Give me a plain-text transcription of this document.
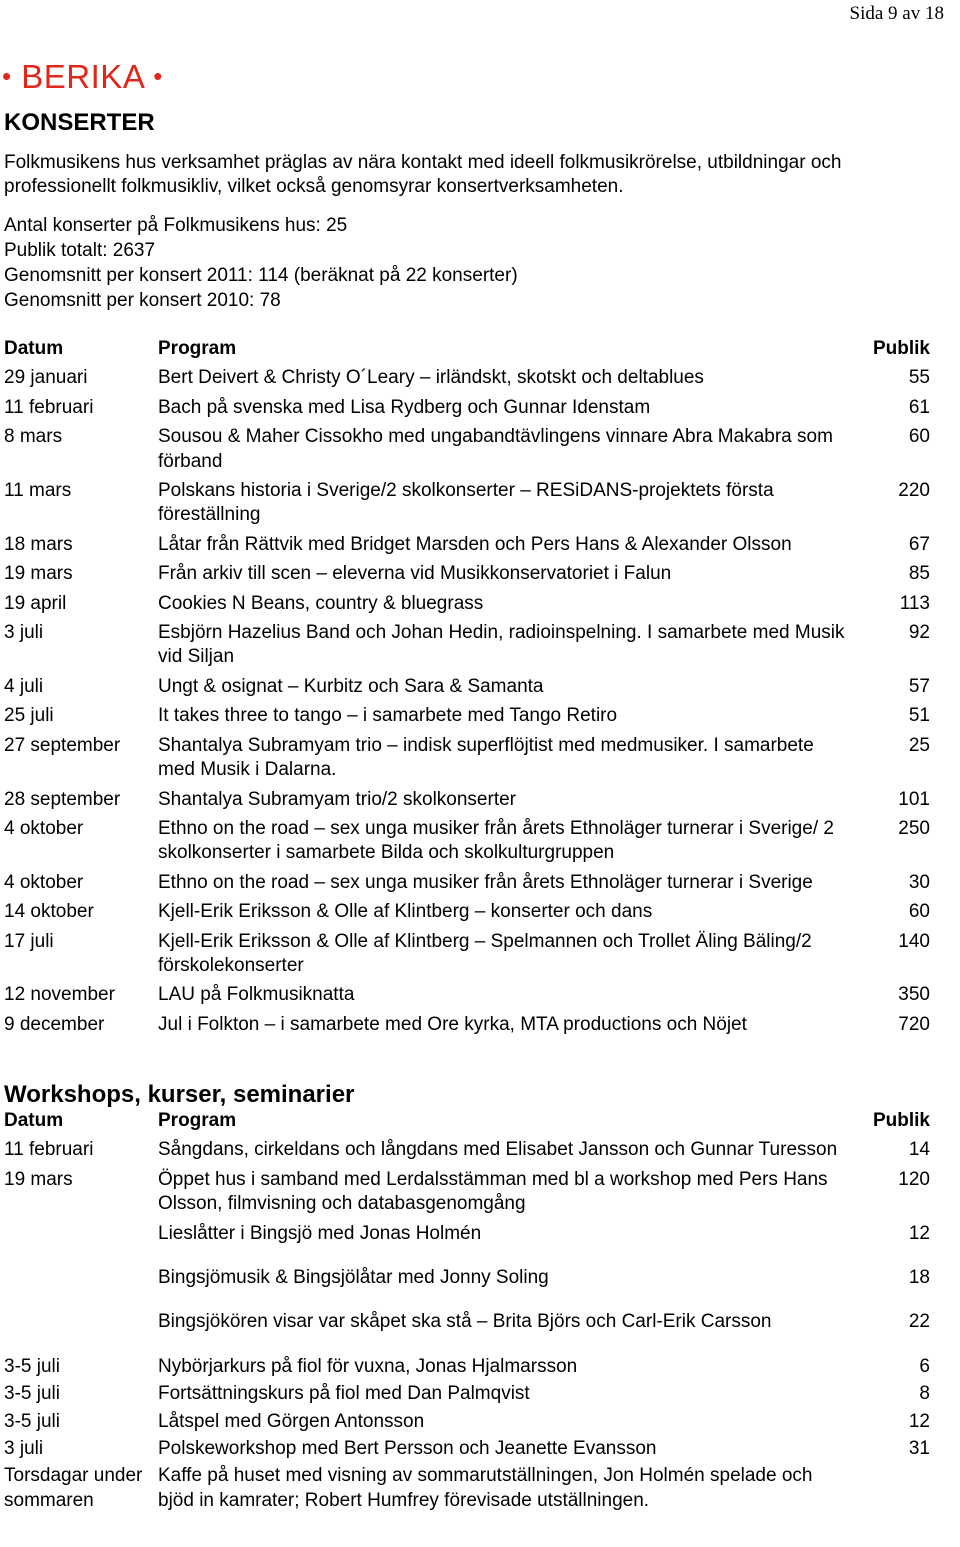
Sida 9 av 18
• BERIKA •
KONSERTER
Folkmusikens hus verksamhet präglas av nära kontakt med ideell folkmusikrörelse, utbildningar och professionellt folkmusikliv, vilket också genomsyrar konsertverksamheten.
Antal konserter på Folkmusikens hus: 25
Publik totalt: 2637
Genomsnitt per konsert 2011: 114 (beräknat på 22 konserter)
Genomsnitt per konsert 2010: 78
Datum	Program	Publik
29 januari	Bert Deivert & Christy O´Leary – irländskt, skotskt och deltablues	55
11 februari	Bach på svenska med Lisa Rydberg och Gunnar Idenstam	61
8 mars	Sousou & Maher Cissokho med ungabandtävlingens vinnare Abra Makabra som förband	60
11 mars	Polskans historia i Sverige/2 skolkonserter – RESiDANS-projektets första föreställning	220
18 mars	Låtar från Rättvik med Bridget Marsden och Pers Hans & Alexander Olsson	67
19 mars	Från arkiv till scen – eleverna vid Musikkonservatoriet i Falun	85
19 april	Cookies N Beans, country & bluegrass	113
3 juli	Esbjörn Hazelius Band och Johan Hedin, radioinspelning. I samarbete med Musik vid Siljan	92
4 juli	Ungt & osignat – Kurbitz och Sara & Samanta	57
25 juli	It takes three to tango – i samarbete med Tango Retiro	51
27 september	Shantalya Subramyam trio – indisk superflöjtist med medmusiker. I samarbete med Musik i Dalarna.	25
28 september	Shantalya Subramyam trio/2 skolkonserter	101
4 oktober	Ethno on the road – sex unga musiker från årets Ethnoläger turnerar i Sverige/ 2 skolkonserter i samarbete Bilda och skolkulturgruppen	250
4 oktober	Ethno on the road – sex unga musiker från årets Ethnoläger turnerar i Sverige	30
14 oktober	Kjell-Erik Eriksson & Olle af Klintberg – konserter och dans	60
17 juli	Kjell-Erik Eriksson & Olle af Klintberg – Spelmannen och Trollet Äling Bäling/2 förskolekonserter	140
12 november	LAU på Folkmusiknatta	350
9 december	Jul i Folkton – i samarbete med Ore kyrka, MTA productions och Nöjet	720
Workshops, kurser, seminarier
Datum	Program	Publik
11 februari	Sångdans, cirkeldans och långdans med Elisabet Jansson och Gunnar Turesson	14
19 mars	Öppet hus i samband med Lerdalsstämman med bl a workshop med Pers Hans Olsson, filmvisning och databasgenomgång	120
	Lieslåtter i Bingsjö med Jonas Holmén	12
	Bingsjömusik & Bingsjölåtar med Jonny Soling	18
	Bingsjökören visar var skåpet ska stå – Brita Björs och Carl-Erik Carsson	22
3-5 juli	Nybörjarkurs på fiol för vuxna, Jonas Hjalmarsson	6
3-5 juli	Fortsättningskurs på fiol med Dan Palmqvist	8
3-5 juli	Låtspel med Görgen Antonsson	12
3 juli	Polskeworkshop med Bert Persson och Jeanette Evansson	31
Torsdagar under sommaren	Kaffe på huset med visning av sommarutställningen, Jon Holmén spelade och bjöd in kamrater; Robert Humfrey förevisade utställningen.	
